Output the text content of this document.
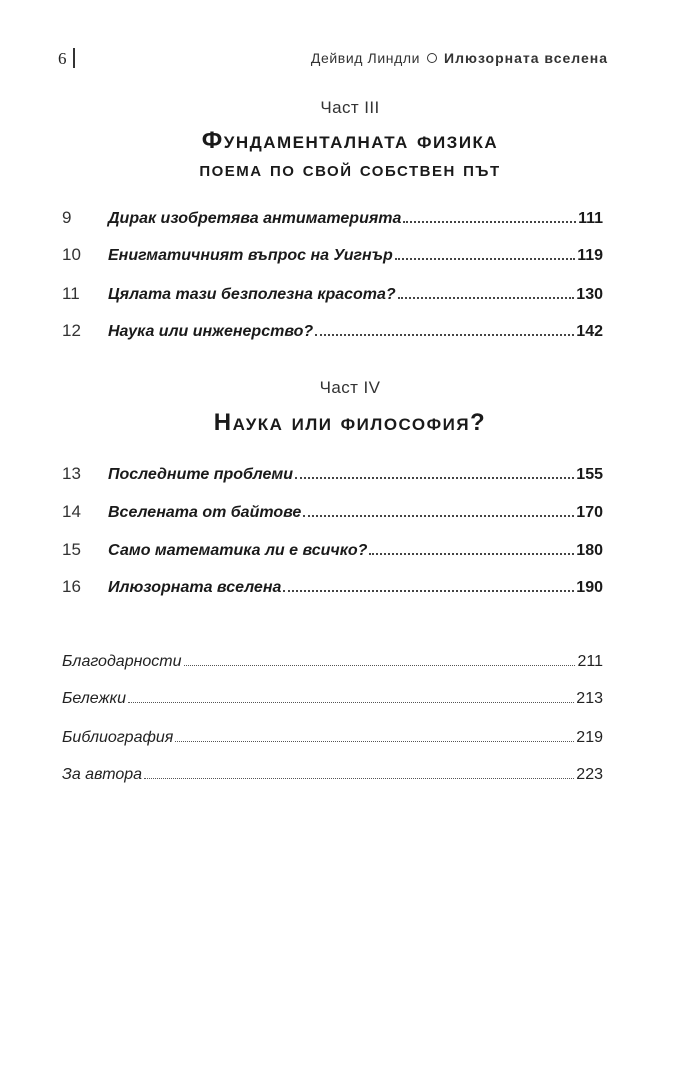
6	Дейвид Линдли Илюзорната вселена
Част III
Фундаменталната физика
поема по свой собствен път
9	Дирак изобретява антиматерията	111
10	Енигматичният въпрос на Уигнър	119
11	Цялата тази безполезна красота?	130
12	Наука или инженерство?	142
Част IV
Наука или философия?
13	Последните проблеми	155
14	Вселената от байтове	170
15	Само математика ли е всичко?	180
16	Илюзорната вселена	190
Благодарности	211
Бележки	213
Библиография	219
За автора	223
